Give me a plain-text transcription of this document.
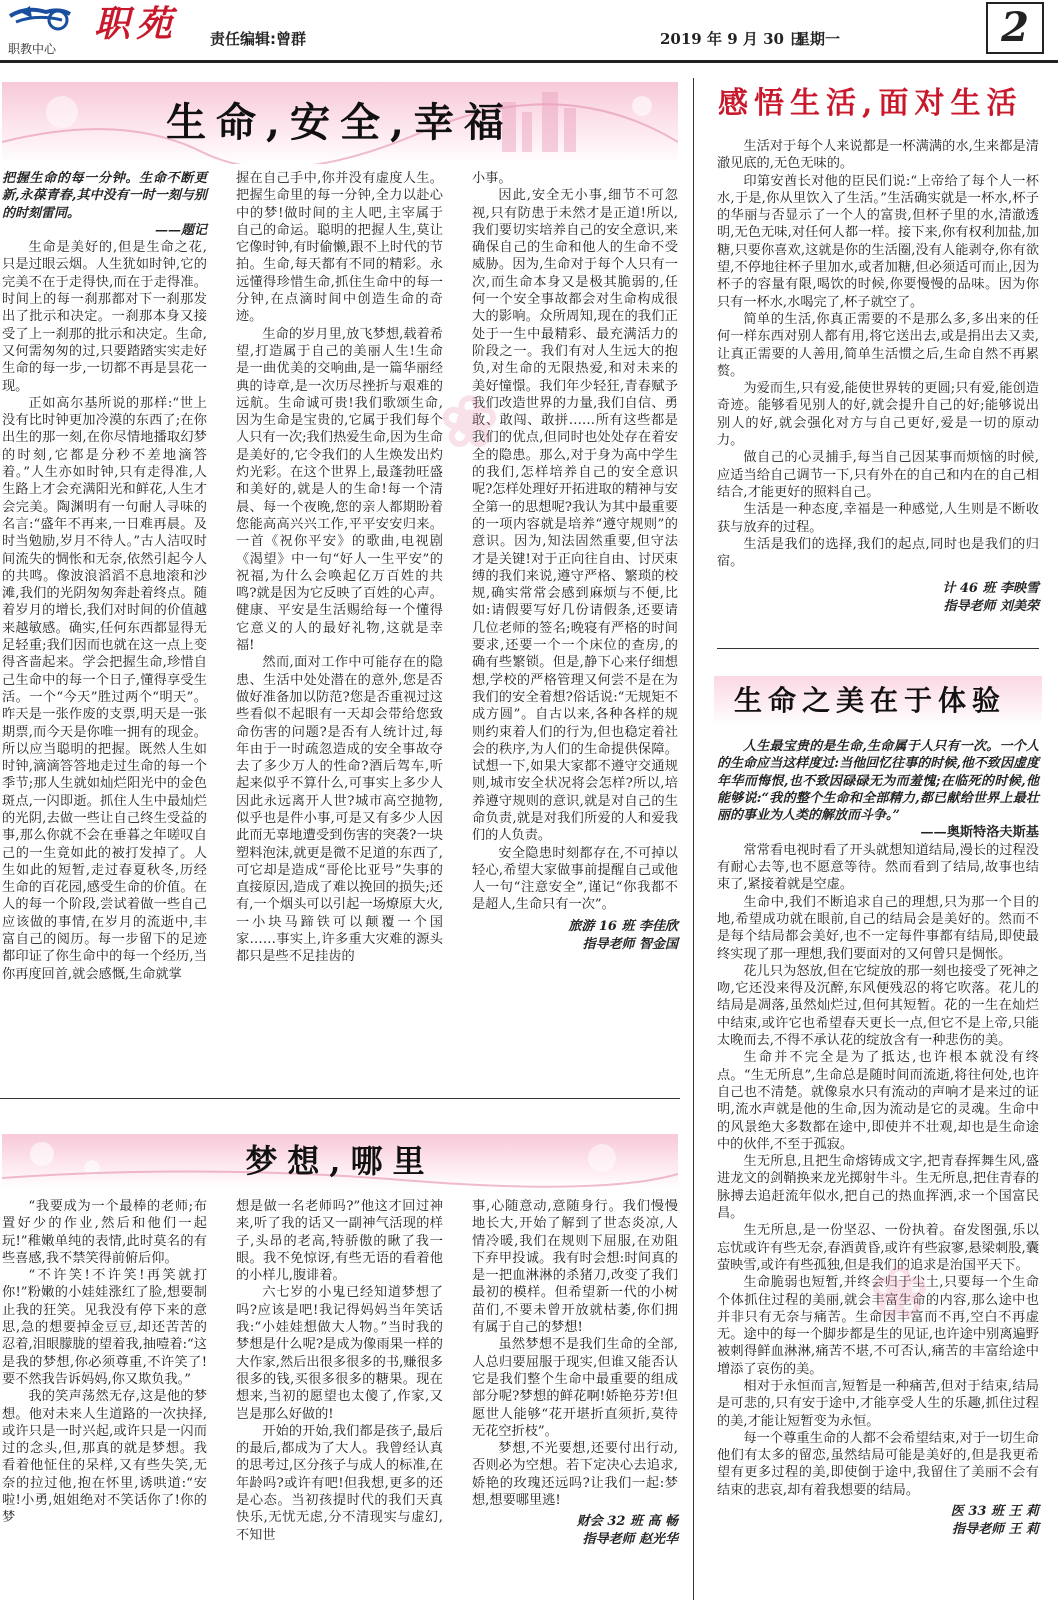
职教中心
职苑 责任编辑:曾群	2019 年 9 月 30 日
星期一	2
生命,安全,幸福
把握生命的每一分钟。生命不断更新,永葆青春,其中没有一时一刻与别的时刻雷同。
——题记

生命是美好的,但是生命之花,只是过眼云烟。人生犹如时钟,它的完美不在于走得快,而在于走得准。时间上的每一刹那都对下一刹那发出了批示和决定。一刹那本身又接受了上一刹那的批示和决定。生命,又何需匆匆的过,只要踏踏实实走好生命的每一步,一切都不再是昙花一现。

正如高尔基所说的那样:“世上没有比时钟更加冷漠的东西了;在你出生的那一刻,在你尽情地播取幻梦的时刻,它都是分秒不差地滴答着。”人生亦如时钟,只有走得准,人生路上才会充满阳光和鲜花,人生才会完美。陶渊明有一句耐人寻味的名言:“盛年不再来,一日难再晨。及时当勉励,岁月不待人。”古人洁叹时间流失的惆怅和无奈,依然引起今人的共鸣。像波浪滔滔不息地滚和沙滩,我们的光阴匆匆奔赴着终点。随着岁月的增长,我们对时间的价值越来越敏感。确实,任何东西都显得无足轻重;我们因而也就在这一点上变得吝啬起来。学会把握生命,珍惜自己生命中的每一个日子,懂得享受生活。一个“今天”胜过两个“明天”。昨天是一张作废的支票,明天是一张期票,而今天是你唯一拥有的现金。所以应当聪明的把握。既然人生如时钟,滴滴答答地走过生命的每一个季节;那人生就如灿烂阳光中的金色斑点,一闪即逝。抓住人生中最灿烂的光阴,去做一些让自己终生受益的事,那么你就不会在垂暮之年嗟叹自己的一生竟如此的被打发掉了。人生如此的短暂,走过春夏秋冬,历经生命的百花园,感受生命的价值。在人的每一个阶段,尝试着做一些自己应该做的事情,在岁月的流逝中,丰富自己的阅历。每一步留下的足迹都印证了你生命中的每一个经历,当你再度回首,就会感慨,生命就掌

握在自己手中,你并没有虚度人生。把握生命里的每一分钟,全力以赴心中的梦!做时间的主人吧,主宰属于自己的命运。聪明的把握人生,莫让它像时钟,有时偷懒,跟不上时代的节拍。生命,每天都有不同的精彩。永远懂得珍惜生命,抓住生命中的每一分钟,在点滴时间中创造生命的奇迹。

生命的岁月里,放飞梦想,载着希望,打造属于自己的美丽人生!生命是一曲优美的交响曲,是一篇华丽经典的诗章,是一次历尽挫折与艰难的远航。生命诚可贵!我们歌颂生命,因为生命是宝贵的,它属于我们每个人只有一次;我们热爱生命,因为生命是美好的,它令我们的人生焕发出灼灼光彩。在这个世界上,最蓬勃旺盛和美好的,就是人的生命!每一个清晨、每一个夜晚,您的亲人都期盼着您能高高兴兴工作,平平安安归来。一首《祝你平安》的歌曲,电视剧《渴望》中一句“好人一生平安”的祝福,为什么会唤起亿万百姓的共鸣?就是因为它反映了百姓的心声。健康、平安是生活赐给每一个懂得它意义的人的最好礼物,这就是幸福!

然而,面对工作中可能存在的隐患、生活中处处潜在的意外,您是否做好准备加以防范?您是否重视过这些看似不起眼有一天却会带给您致命伤害的问题?是否有人统计过,每年由于一时疏忽造成的安全事故夺去了多少万人的性命?酒后驾车,听起来似乎不算什么,可事实上多少人因此永远离开人世?城市高空抛物,似乎也是件小事,可是又有多少人因此而无辜地遭受到伤害的突袭?一块塑料泡沫,就更是微不足道的东西了,可它却是造成“哥伦比亚号”失事的直接原因,造成了难以挽回的损失;还有,一个烟头可以引起一场燎原大火,一小块马蹄铁可以颠覆一个国家……事实上,许多重大灾难的源头都只是些不足挂齿的

小事。

因此,安全无小事,细节不可忽视,只有防患于未然才是正道!所以,我们要切实培养自己的安全意识,来确保自己的生命和他人的生命不受威胁。因为,生命对于每个人只有一次,而生命本身又是极其脆弱的,任何一个安全事故都会对生命构成很大的影响。众所周知,现在的我们正处于一生中最精彩、最充满活力的阶段之一。我们有对人生远大的抱负,对生命的无限热爱,和对未来的美好憧憬。我们年少轻狂,青春赋予我们改造世界的力量,我们自信、勇敢、敢闯、敢拼……所有这些都是我们的优点,但同时也处处存在着安全的隐患。那么,对于身为高中学生的我们,怎样培养自己的安全意识呢?怎样处理好开拓进取的精神与安全第一的思想呢?我认为其中最重要的一项内容就是培养“遵守规则”的意识。因为,知法固然重要,但守法才是关键!对于正向往自由、讨厌束缚的我们来说,遵守严格、繁琐的校规,确实常常会感到麻烦与不便,比如:请假要写好几份请假条,还要请几位老师的签名;晚寝有严格的时间要求,还要一个一个床位的查房,的确有些繁锁。但是,静下心来仔细想想,学校的严格管理又何尝不是在为我们的安全着想?俗话说:“无规矩不成方圆”。自古以来,各种各样的规则约束着人们的行为,但也稳定着社会的秩序,为人们的生命提供保障。试想一下,如果大家都不遵守交通规则,城市安全状况将会怎样?所以,培养遵守规则的意识,就是对自己的生命负责,就是对我们所爱的人和爱我们的人负责。

安全隐患时刻都存在,不可掉以轻心,希望大家做事前提醒自己或他人一句“注意安全”,谨记“你我都不是超人,生命只有一次”。

旅游 16 班 李佳欣
指导老师 智金国
❀
梦想,哪里

“我要成为一个最棒的老师;布置好少的作业,然后和他们一起玩!”稚嫩单纯的表情,此时莫名的有些喜感,我不禁笑得前俯后仰。

“不许笑!不许笑!再笑就打你!”粉嫩的小娃娃涨红了脸,想要制止我的狂笑。见我没有停下来的意思,急的想要掉金豆豆,却还苦苦的忍着,泪眼朦胧的望着我,抽噎着:“这是我的梦想,你必须尊重,不许笑了!要不然我告诉妈妈,你又欺负我。”

我的笑声荡然无存,这是他的梦想。他对未来人生道路的一次抉择,或许只是一时兴起,或许只是一闪而过的念头,但,那真的就是梦想。我看着他怔住的呆样,又有些失笑,无奈的拉过他,抱在怀里,诱哄道:“安啦!小勇,姐姐绝对不笑话你了!你的梦

想是做一名老师吗?”他这才回过神来,听了我的话又一副神气活现的样子,头昂的老高,特骄傲的瞅了我一眼。我不免惊讶,有些无语的看着他的小样儿,腹诽着。

六七岁的小鬼已经知道梦想了吗?应该是吧!我记得妈妈当年笑话我:“小娃娃想做大人物。”当时我的梦想是什么呢?是成为像雨果一样的大作家,然后出很多很多的书,赚很多很多的钱,买很多很多的糖果。现在想来,当初的愿望也太傻了,作家,又岂是那么好做的!

开始的开始,我们都是孩子,最后的最后,都成为了大人。我曾经认真的思考过,区分孩子与成人的标准,在年龄吗?或许有吧!但我想,更多的还是心态。当初孩提时代的我们天真快乐,无忧无虑,分不清现实与虚幻,不知世

事,心随意动,意随身行。我们慢慢地长大,开始了解到了世态炎凉,人情冷暖,我们在规则下屈服,在劝阻下弃甲投诚。我有时会想:时间真的是一把血淋淋的杀猪刀,改变了我们最初的模样。但希望新一代的小树苗们,不要未曾开放就枯萎,你们拥有属于自己的梦想!

虽然梦想不是我们生命的全部,人总归要屈服于现实,但谁又能否认它是我们整个生命中最重要的组成部分呢?梦想的鲜花啊!娇艳芬芳!但愿世人能够“花开堪折直须折,莫待无花空折枝”。

梦想,不光要想,还要付出行动,否则必为空想。若下定决心去追求,娇艳的玫瑰还远吗?让我们一起:梦想,想要哪里逃!

财会 32 班 高 畅
指导老师 赵光华
感悟生活,面对生活

生活对于每个人来说都是一杯满满的水,生来都是清澈见底的,无色无味的。

印第安酋长对他的臣民们说:“上帝给了每个人一杯水,于是,你从里饮入了生活。”生活确实就是一杯水,杯子的华丽与否显示了一个人的富贵,但杯子里的水,清澈透明,无色无味,对任何人都一样。接下来,你有权利加盐,加糖,只要你喜欢,这就是你的生活圈,没有人能剥夺,你有欲望,不停地往杯子里加水,或者加糖,但必须适可而止,因为杯子的容量有限,喝饮的时候,你要慢慢的品味。因为你只有一杯水,水喝完了,杯子就空了。

简单的生活,你真正需要的不是那么多,多出来的任何一样东西对别人都有用,将它送出去,或是捐出去又卖,让真正需要的人善用,简单生活惯之后,生命自然不再累赘。

为爱而生,只有爱,能使世界转的更圆;只有爱,能创造奇迹。能够看见别人的好,就会提升自己的好;能够说出别人的好,就会强化对方与自己更好,爱是一切的原动力。

做自己的心灵捕手,每当自己因某事而烦恼的时候,应适当给自己调节一下,只有外在的自己和内在的自己相结合,才能更好的照料自己。

生活是一种态度,幸福是一种感觉,人生则是不断收获与放弃的过程。

生活是我们的选择,我们的起点,同时也是我们的归宿。

计 46 班 李映雪
指导老师 刘美荣
生命之美在于体验

人生最宝贵的是生命,生命属于人只有一次。一个人的生命应当这样度过:当他回忆往事的时候,他不致因虚度年华而悔恨,也不致因碌碌无为而羞愧;在临死的时候,他能够说:“我的整个生命和全部精力,都已献给世界上最壮丽的事业为人类的解放而斗争。”

——奥斯特洛夫斯基

常常看电视时看了开头就想知道结局,漫长的过程没有耐心去等,也不愿意等待。然而看到了结局,故事也结束了,紧接着就是空虚。

生命中,我们不断追求自己的理想,只为那一个目的地,希望成功就在眼前,自己的结局会是美好的。然而不是每个结局都会美好,也不一定每件事都有结局,即使最终实现了那一理想,我们要面对的又何曾只是惆怅。

花儿只为怒放,但在它绽放的那一刻也接受了死神之吻,它还没来得及沉醉,东风便残忍的将它吹落。花儿的结局是凋落,虽然灿烂过,但何其短暂。花的一生在灿烂中结束,或许它也希望春天更长一点,但它不是上帝,只能太晚而去,不得不承认花的绽放含有一种悲伤的美。

生命并不完全是为了抵达,也许根本就没有终点。“生无所息”,生命总是随时间而流逝,将往何处,也许自己也不清楚。就像泉水只有流动的声响才是来过的证明,流水声就是他的生命,因为流动是它的灵魂。生命中的风景绝大多数都在途中,即使并不壮观,却也是生命途中的伙伴,不至于孤寂。

生无所息,且把生命熔铸成文字,把青春挥舞生风,盛进龙文的剑鞘换来龙光掷射牛斗。生无所息,把住青春的脉搏去追赶流年似水,把自己的热血挥洒,求一个国富民昌。

生无所息,是一份坚忍、一份执着。奋发图强,乐以忘忧或许有些无奈,春酒黄昏,或许有些寂寥,悬梁刺股,囊萤映雪,或许有些孤独,但是我们的追求是治国平天下。

生命脆弱也短暂,并终会归于尘土,只要每一个生命个体抓住过程的美丽,就会丰富生命的内容,那么途中也并非只有无奈与痛苦。生命因丰富而不再,空白不再虚无。途中的每一个脚步都是生的见证,也许途中别离遍野被刺得鲜血淋淋,痛苦不堪,不可否认,痛苦的丰富给途中增添了哀伤的美。

相对于永恒而言,短暂是一种痛苦,但对于结束,结局是可悲的,只有安于途中,才能享受人生的乐趣,抓住过程的美,才能让短暂变为永恒。

每一个尊重生命的人都不会希望结束,对于一切生命他们有太多的留恋,虽然结局可能是美好的,但是我更希望有更多过程的美,即使倒于途中,我留住了美丽不会有结束的悲哀,却有着我想要的结局。

医 33 班 王 莉
指导老师 王 莉
❀
